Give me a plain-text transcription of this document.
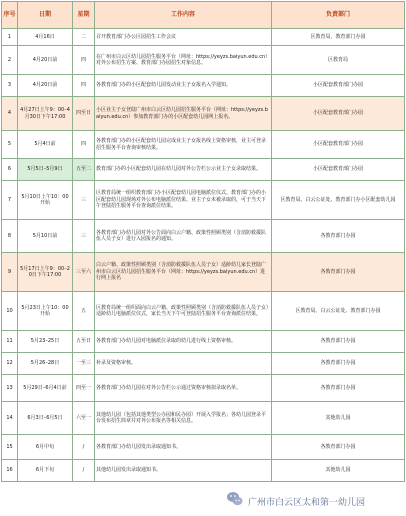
序号	日期	星期	工作内容	负责部门
1	4月16日	二	召开教育部门办公区园招生工作会议	区教育局、教育部门办园
2	4月20日前	四	在广州市白云区幼儿园招生服务平台（网址：https://yeyzs.baiyun.edu.cn）对外公布招生方案、教育部门办园招生对象信息。	区教育局
3	4月20日前	四	各教育部门办的小区配套幼儿园发动业主子女报名入学通知。	小区配套教育部门办园
4	4月27日上午9：00–4月30日下午17:00	四至日	小区业主子女登陆广州市白云区幼儿园招生服务平台（网址：https://yeyzs.baiyun.edu.cn）参加教育部门办的小区配套幼儿园网上报名。	小区配套教育部门办园
5	5月4日前	四	各教育部门办的小区配套幼儿园完成业主子女报名线上资格审核，业主可登录招生服务平台查询审核结果。	小区配套教育部门办园
6	5月5日–5月9日	五至二	教育部门办的小区配套幼儿园在幼儿园对外公告栏公示业主子女录取结果。	小区配套教育部门办园
7	5月10日上午10：00开始	三	区教育局统一组织教育部门办小区配套幼儿园电脑派位仪式。教育部门办的小区配套幼儿园现场对外公布电脑派位结果。业主子女未被录取的，可于当天下午登陆招生服务平台查询派位结果。	区教育局、白云公证处、教育部门办小区配套幼儿园
8	5月10日前	三	各教育部门办幼儿园对外公告面向白云户籍、政策性照顾类别（含消防救援队伍人员子女）进行入园报名的通知。	各教育部门办园
9	5月17日上午9：00–20日下午17:00	三至六	白云户籍、政策性照顾类别（含消防救援队伍人员子女）适龄幼儿家长登陆广州市白云区幼儿园招生服务平台（网址：https://yeyzs.baiyun.edu.cn）进行网上报名	各教育部门办园
10	5月23日上午10：00开始	五	区教育局统一组织面向白云户籍、政策性照顾类别（含消防救援队伍人员子女）适龄幼儿电脑派位仪式，家长当天下午可登陆招生服务平台查询派位结果。	区教育局、白云公证处、教育部门办园
11	5月23–25日	五至日	各教育部门办幼儿园对电脑派位录取的幼儿进行线上资格审核。	各教育部门办园
12	5月26–28日	一至三	补录及资格审核。	各教育部门办园
13	5月29日–6月4日前	四至一	各教育部门办幼儿园在对外公告栏公示通过资格审核拟录取名单。	各教育部门办园
14	6月3日–6月5日	六至一	其他幼儿园（包括其他类型公办园和民办园）开展入学报名；各幼儿园登录平台发布招生简章并对外公布报名等相关信息。	其他幼儿园
15	6月中旬	/	各教育部门办幼儿园发出录取通知书。	各教育部门办园
16	6月下旬	/	其他幼儿园发出录取通知书。	其他幼儿园
广州市白云区太和第一幼儿园
